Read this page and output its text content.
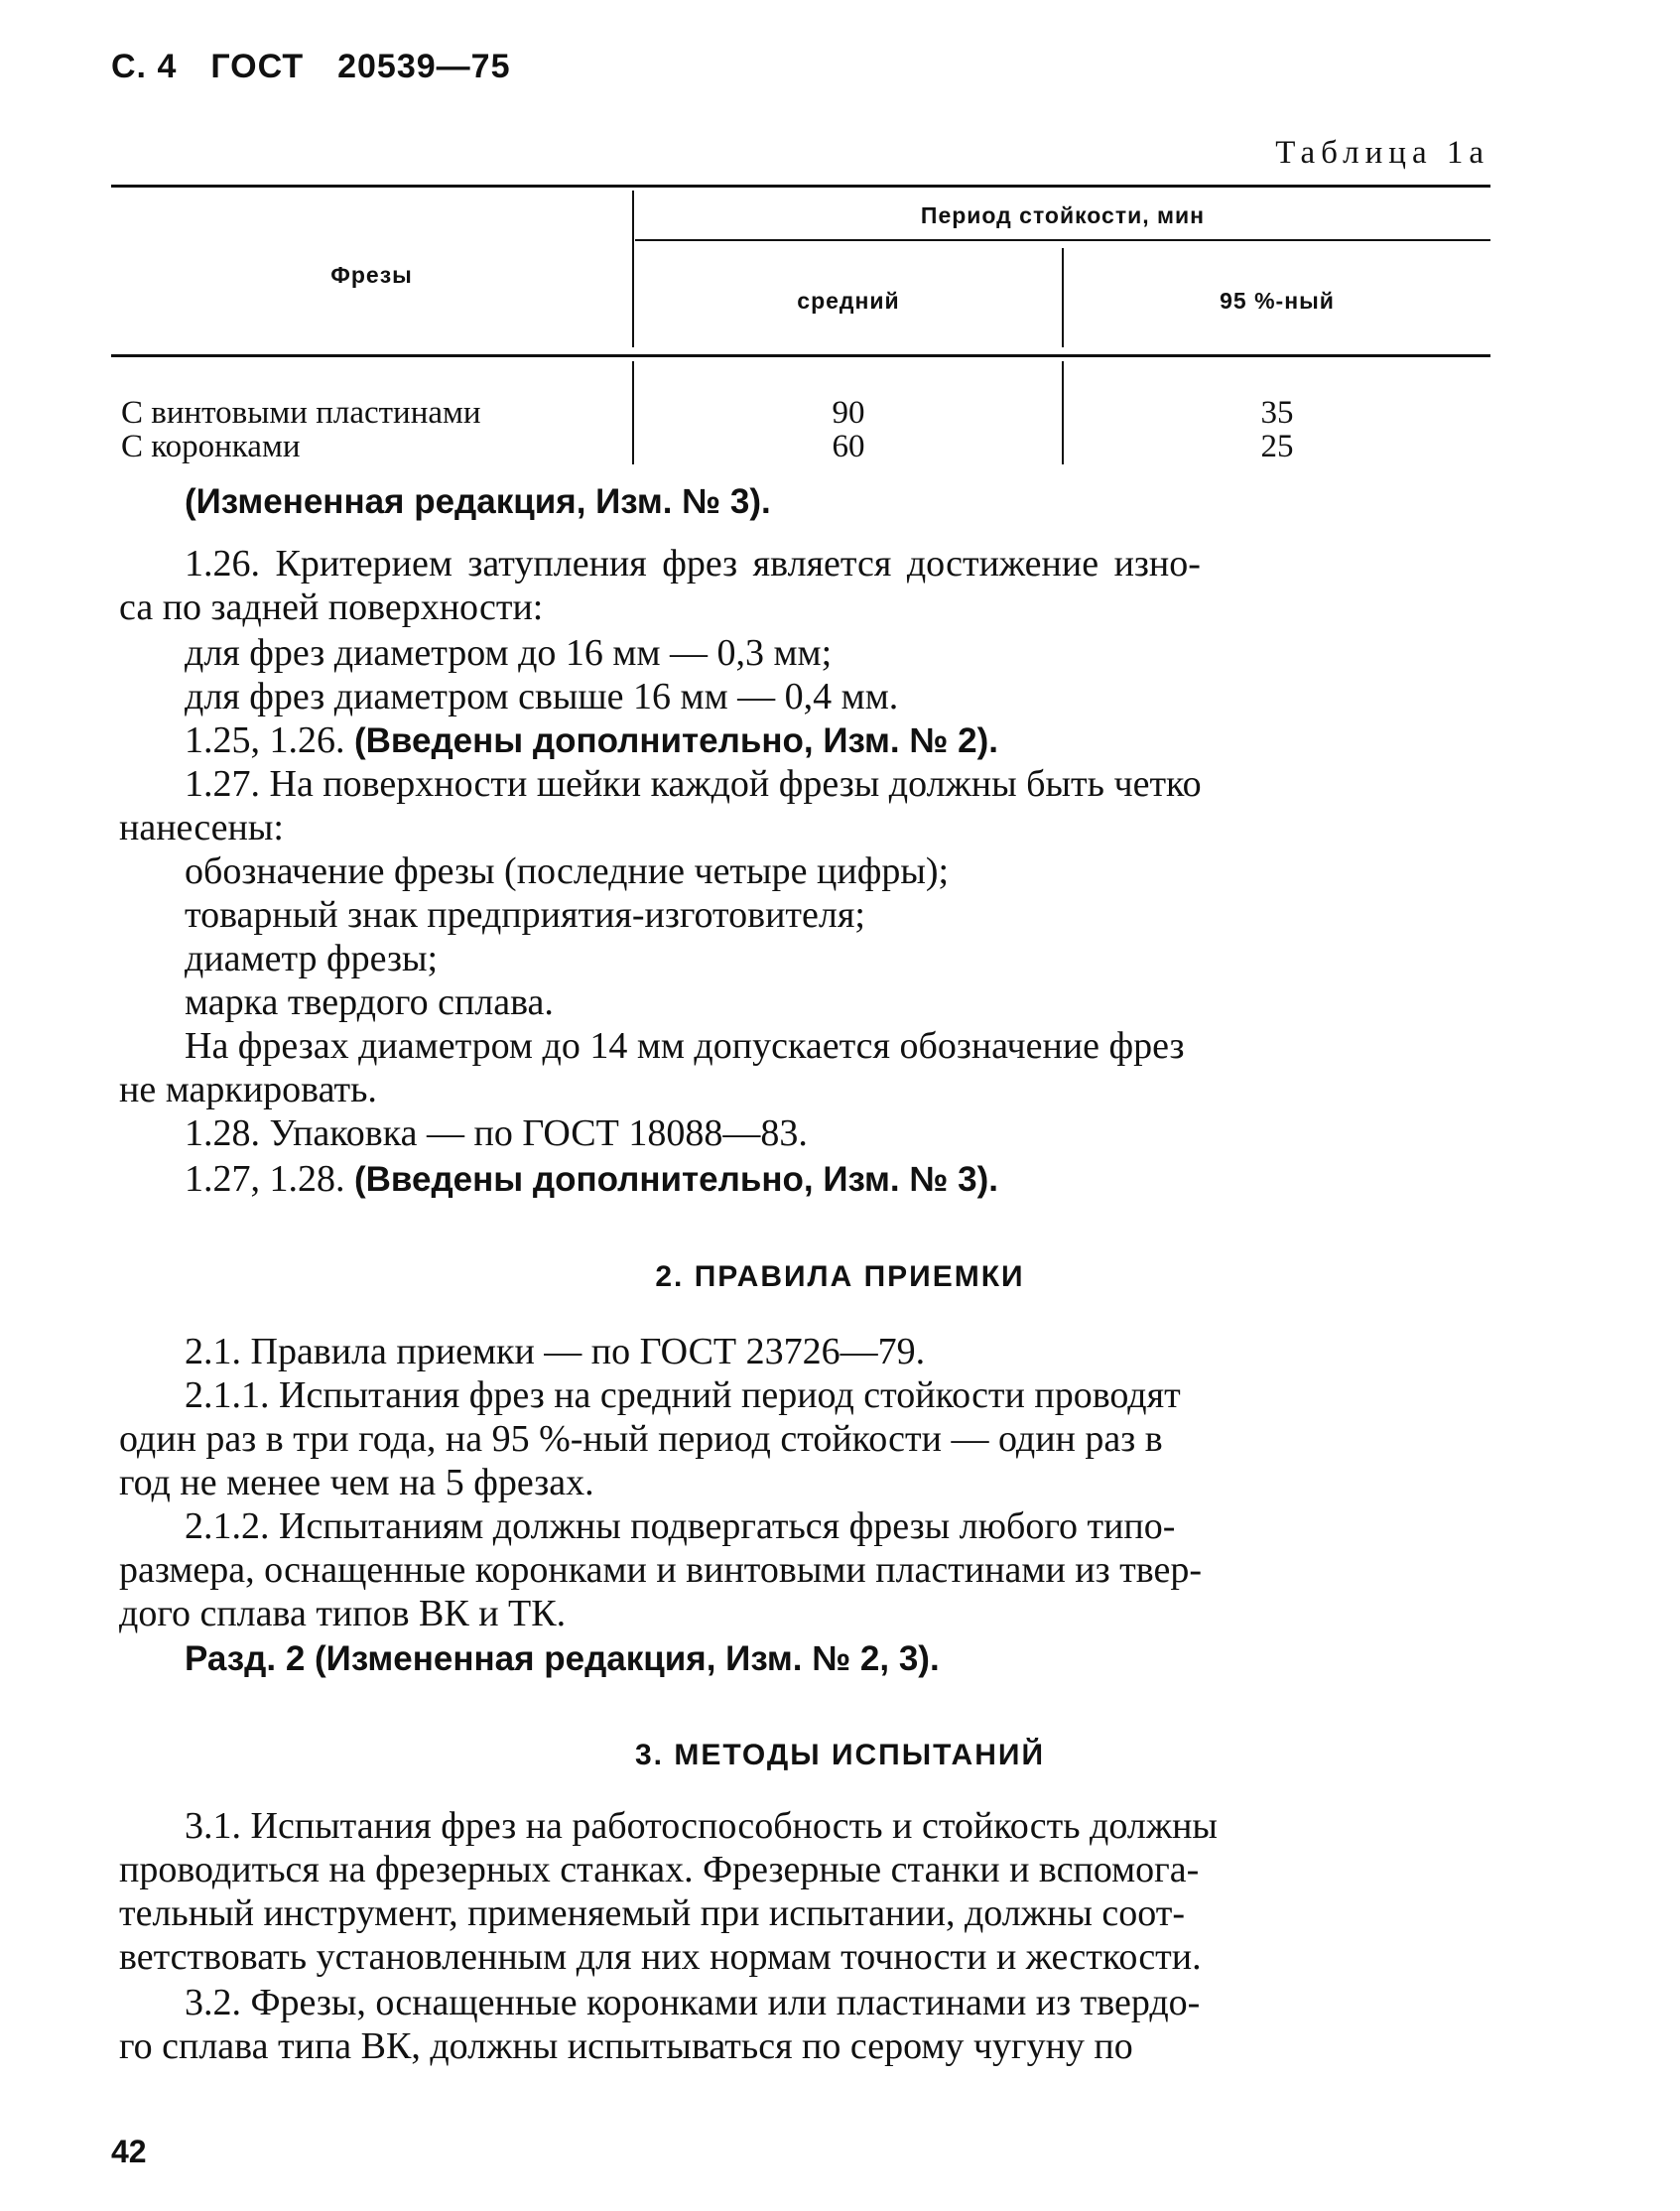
С. 4 ГОСТ 20539—75
Таблица 1а
Фрезы
Период стойкости, мин
средний	95 %-ный
С винтовыми пластинами	90	35
С коронками	60	25
(Измененная редакция, Изм. № 3).
1.26. Критерием затупления фрез является достижение изно-
са по задней поверхности:
для фрез диаметром до 16 мм — 0,3 мм;
для фрез диаметром свыше 16 мм — 0,4 мм.
1.25, 1.26. (Введены дополнительно, Изм. № 2).
1.27. На поверхности шейки каждой фрезы должны быть четко
нанесены:
обозначение фрезы (последние четыре цифры);
товарный знак предприятия-изготовителя;
диаметр фрезы;
марка твердого сплава.
На фрезах диаметром до 14 мм допускается обозначение фрез
не маркировать.
1.28. Упаковка — по ГОСТ 18088—83.
1.27, 1.28. (Введены дополнительно, Изм. № 3).
2. ПРАВИЛА ПРИЕМКИ
2.1. Правила приемки — по ГОСТ 23726—79.
2.1.1. Испытания фрез на средний период стойкости проводят
один раз в три года, на 95 %-ный период стойкости — один раз в
год не менее чем на 5 фрезах.
2.1.2. Испытаниям должны подвергаться фрезы любого типо-
размера, оснащенные коронками и винтовыми пластинами из твер-
дого сплава типов ВК и ТК.
Разд. 2 (Измененная редакция, Изм. № 2, 3).
3. МЕТОДЫ ИСПЫТАНИЙ
3.1. Испытания фрез на работоспособность и стойкость должны
проводиться на фрезерных станках. Фрезерные станки и вспомога-
тельный инструмент, применяемый при испытании, должны соот-
ветствовать установленным для них нормам точности и жесткости.
3.2. Фрезы, оснащенные коронками или пластинами из твердо-
го сплава типа ВК, должны испытываться по серому чугуну по
42
